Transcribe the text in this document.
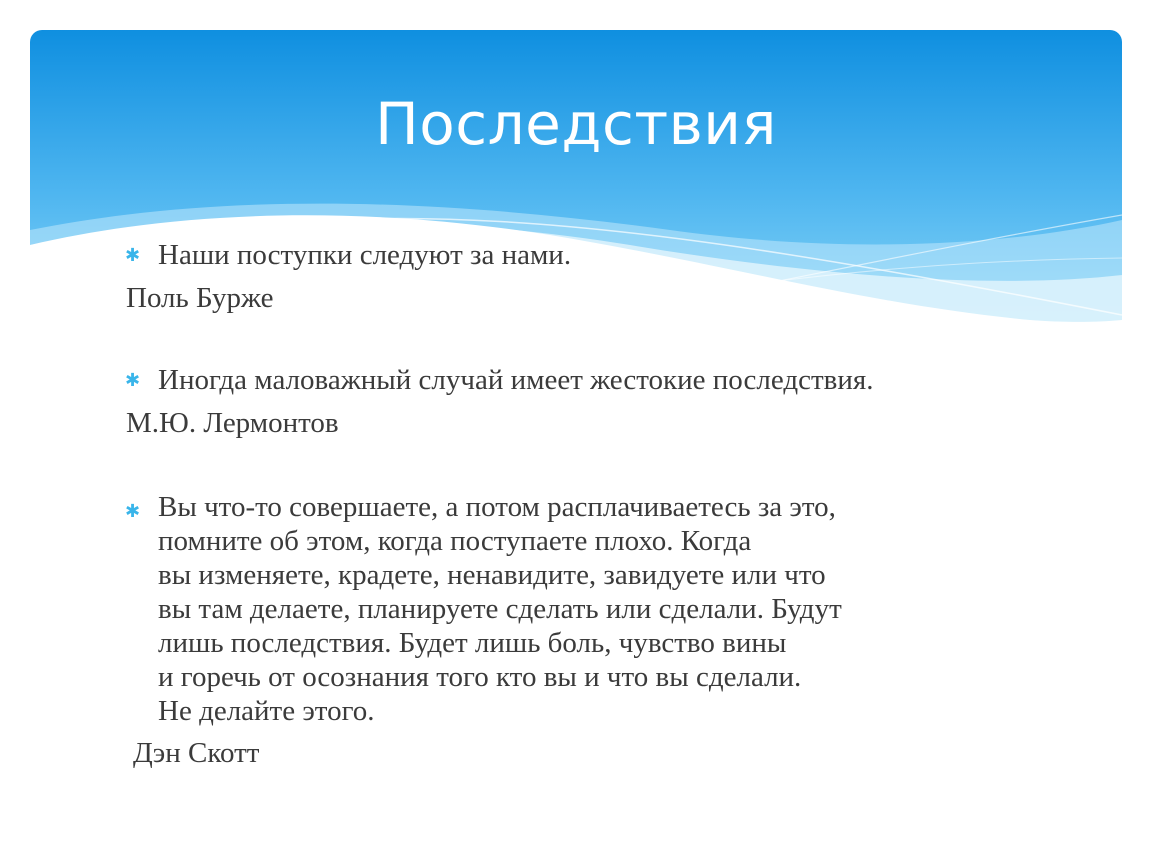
Последствия
✱ Наши поступки следуют за нами.

Поль Бурже

✱ Иногда маловажный случай имеет жестокие последствия.

М.Ю. Лермонтов

✱ Вы что-то совершаете, а потом расплачиваетесь за это,
помните об этом, когда поступаете плохо. Когда
вы изменяете, крадете, ненавидите, завидуете или что
вы там делаете, планируете сделать или сделали. Будут
лишь последствия. Будет лишь боль, чувство вины
и горечь от осознания того кто вы и что вы сделали.
Не делайте этого.

Дэн Скотт
